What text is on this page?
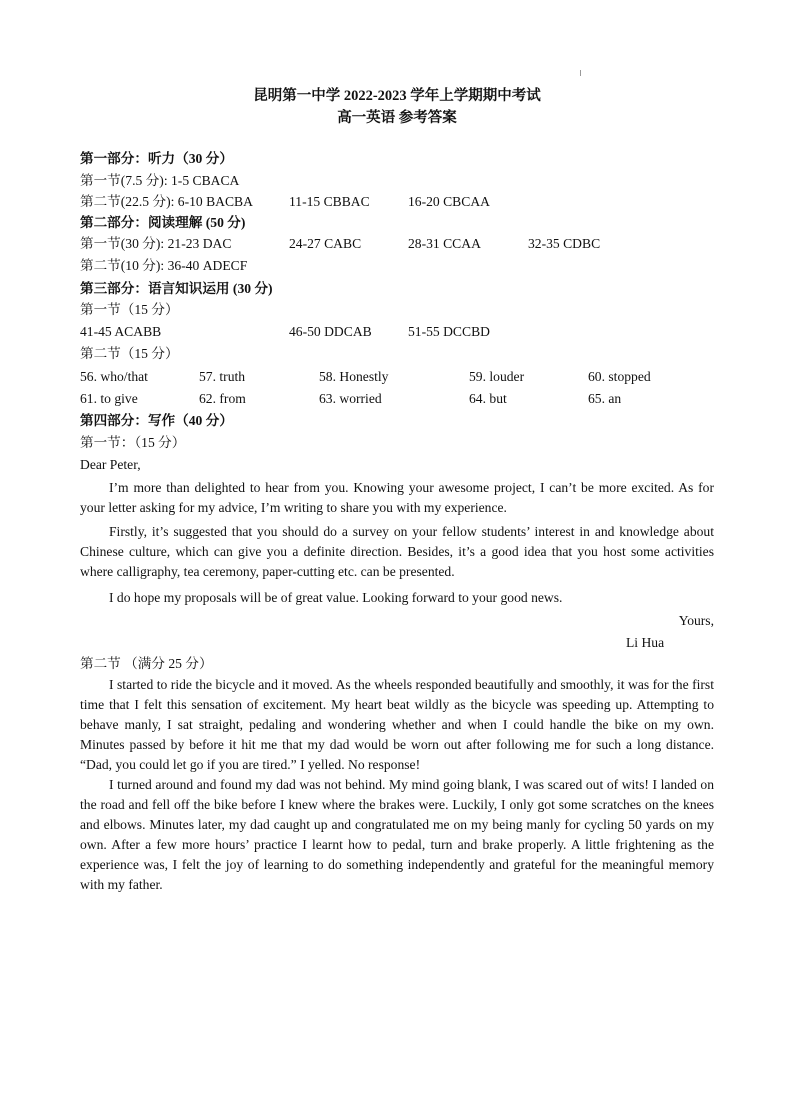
昆明第一中学 2022-2023 学年上学期期中考试
高一英语 参考答案
第一部分：听力（30 分）
第一节(7.5 分): 1-5 CBACA
第二节(22.5 分): 6-10 BACBA	11-15 CBBAC	16-20 CBCAA
第二部分：阅读理解 (50 分)
第一节(30 分): 21-23 DAC	24-27 CABC	28-31 CCAA	32-35 CDBC
第二节(10 分): 36-40 ADECF
第三部分：语言知识运用 (30 分)
第一节（15 分）
41-45 ACABB	46-50 DDCAB	51-55 DCCBD
第二节（15 分）
56. who/that	57. truth	58. Honestly	59. louder	60. stopped
61. to give	62. from	63. worried	64. but	65. an
第四部分：写作（40 分）
第一节：（15 分）
Dear Peter,

I’m more than delighted to hear from you. Knowing your awesome project, I can’t be more excited. As for your letter asking for my advice, I’m writing to share you with my experience.

Firstly, it’s suggested that you should do a survey on your fellow students’ interest in and knowledge about Chinese culture, which can give you a definite direction. Besides, it’s a good idea that you host some activities where calligraphy, tea ceremony, paper-cutting etc. can be presented.

I do hope my proposals will be of great value. Looking forward to your good news.

Yours,
Li Hua
第二节 （满分 25 分）

I started to ride the bicycle and it moved. As the wheels responded beautifully and smoothly, it was for the first time that I felt this sensation of excitement. My heart beat wildly as the bicycle was speeding up. Attempting to behave manly, I sat straight, pedaling and wondering whether and when I could handle the bike on my own. Minutes passed by before it hit me that my dad would be worn out after following me for such a long distance. “Dad, you could let go if you are tired.” I yelled. No response!

I turned around and found my dad was not behind. My mind going blank, I was scared out of wits! I landed on the road and fell off the bike before I knew where the brakes were. Luckily, I only got some scratches on the knees and elbows. Minutes later, my dad caught up and congratulated me on my being manly for cycling 50 yards on my own. After a few more hours’ practice I learnt how to pedal, turn and brake properly. A little frightening as the experience was, I felt the joy of learning to do something independently and grateful for the meaningful memory with my father.
